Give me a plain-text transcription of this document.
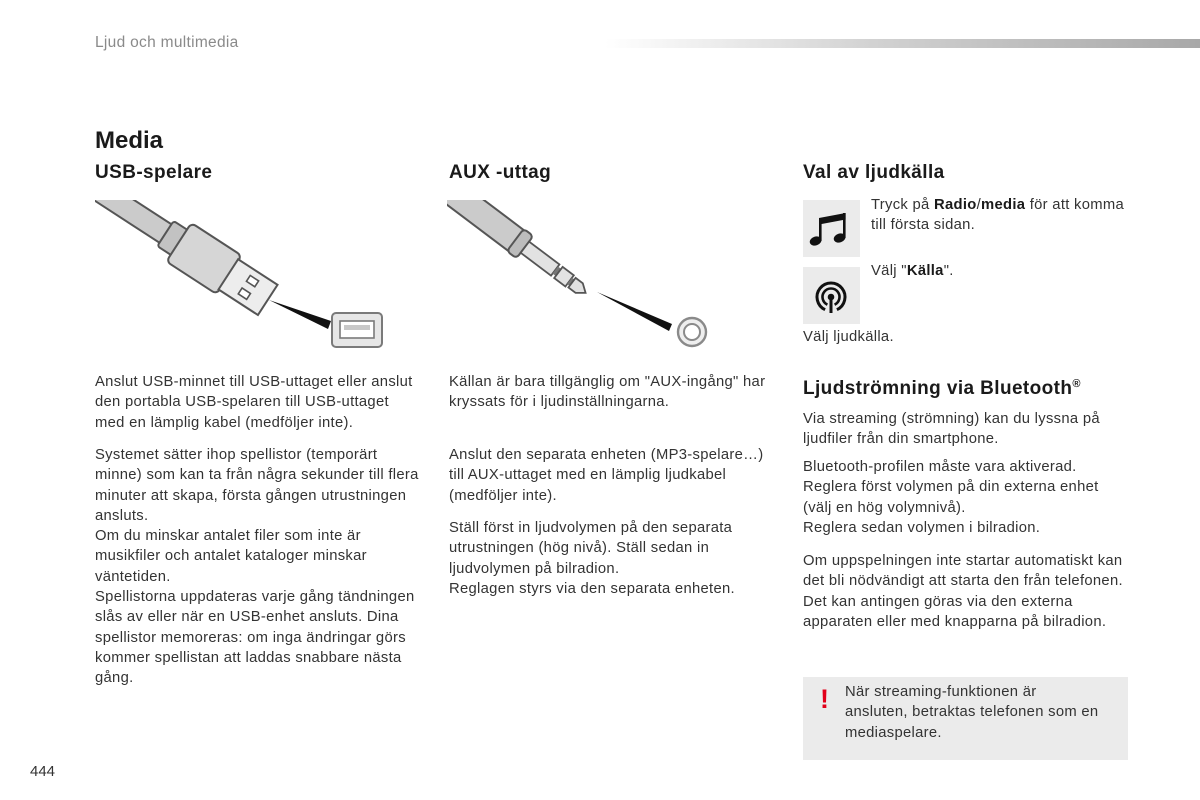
Ljud och multimedia
Media
USB-spelare

Anslut USB-minnet till USB-uttaget eller anslut
den portabla USB-spelaren till USB-uttaget
med en lämplig kabel (medföljer inte).

Systemet sätter ihop spellistor (temporärt
minne) som kan ta från några sekunder till flera
minuter att skapa, första gången utrustningen
ansluts.
Om du minskar antalet filer som inte är
musikfiler och antalet kataloger minskar
väntetiden.
Spellistorna uppdateras varje gång tändningen
slås av eller när en USB-enhet ansluts. Dina
spellistor memoreras: om inga ändringar görs
kommer spellistan att laddas snabbare nästa
gång.

AUX -uttag

Källan är bara tillgänglig om "AUX-ingång" har
kryssats för i ljudinställningarna.

Anslut den separata enheten (MP3-spelare…)
till AUX-uttaget med en lämplig ljudkabel
(medföljer inte).

Ställ först in ljudvolymen på den separata
utrustningen (hög nivå). Ställ sedan in
ljudvolymen på bilradion.
Reglagen styrs via den separata enheten.

Val av ljudkälla

Tryck på Radio/media för att komma
till första sidan.

Välj "Källa".

Välj ljudkälla.

Ljudströmning via Bluetooth®

Via streaming (strömning) kan du lyssna på
ljudfiler från din smartphone.

Bluetooth-profilen måste vara aktiverad.
Reglera först volymen på din externa enhet
(välj en hög volymnivå).
Reglera sedan volymen i bilradion.

Om uppspelningen inte startar automatiskt kan
det bli nödvändigt att starta den från telefonen.
Det kan antingen göras via den externa
apparaten eller med knapparna på bilradion.

! När streaming-funktionen är
ansluten, betraktas telefonen som en
mediaspelare.

444
